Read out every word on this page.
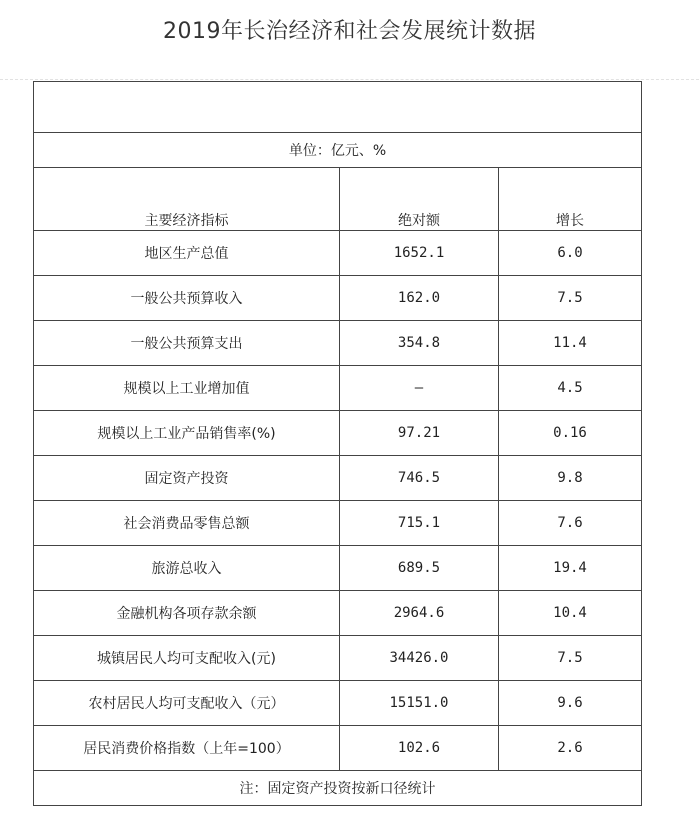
2019年长治经济和社会发展统计数据

单位：亿元、%		
主要经济指标	绝对额	增长
地区生产总值	1652.1	6.0
一般公共预算收入	162.0	7.5
一般公共预算支出	354.8	11.4
规模以上工业增加值	—	4.5
规模以上工业产品销售率(%)	97.21	0.16
固定资产投资	746.5	9.8
社会消费品零售总额	715.1	7.6
旅游总收入	689.5	19.4
金融机构各项存款余额	2964.6	10.4
城镇居民人均可支配收入(元)	34426.0	7.5
农村居民人均可支配收入（元）	15151.0	9.6
居民消费价格指数（上年=100）	102.6	2.6
注：固定资产投资按新口径统计		
